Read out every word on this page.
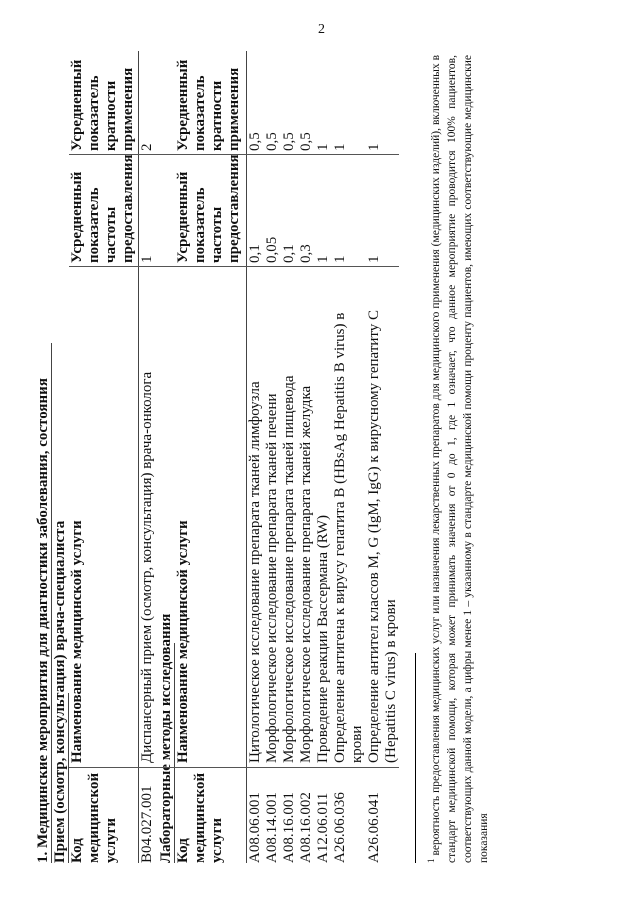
2
1. Медицинские мероприятия для диагностики заболевания, состояния Прием (осмотр, консультация) врача-специалиста Код медицинской услуги
Наименование медицинской услуги
Усредненный показатель частоты предоставления
Усредненный показатель кратности применения
B04.027.001
Диспансерный прием (осмотр, консультация) врача-онколога
1
2
Лабораторные методы исследования Код медицинской услуги
Наименование медицинской услуги
Усредненный показатель частоты предоставления
Усредненный показатель кратности применения
A08.06.001
Цитологическое исследование препарата тканей лимфоузла
0,1
0,5
A08.14.001
Морфологическое исследование препарата тканей печени
0,05
0,5
A08.16.001
Морфологическое исследование препарата тканей пищевода
0,1
0,5
A08.16.002
Морфологическое исследование препарата тканей желудка
0,3
0,5
A12.06.011
Проведение реакции Вассермана (RW)
1
1
A26.06.036
Определение антигена к вирусу гепатита В (HBsAg Hepatitis B virus) в крови
1
1
A26.06.041
Определение антител классов M, G (IgM, IgG) к вирусному гепатиту С (Hepatitis C virus) в крови
1
1
$^1$ вероятность предоставления медицинских услуг или назначения лекарственных препаратов для медицинского применения (медицинских изделий), включенных в стандарт медицинской помощи, которая может принимать значения от 0 до 1, где 1 означает, что данное мероприятие проводится 100% пациентов, соответствующих данной модели, а цифры менее 1 – указанному в стандарте медицинской помощи проценту пациентов, имеющих соответствующие медицинские показания
